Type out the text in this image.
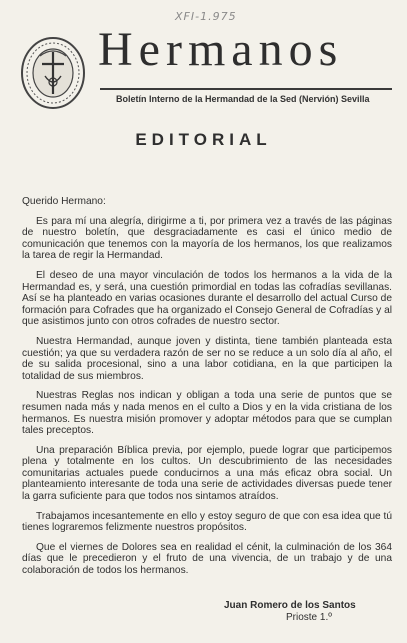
XFI-1.975
Hermanos
Boletín Interno de la Hermandad de la Sed (Nervión) Sevilla
EDITORIAL

Querido Hermano:

Es para mí una alegría, dirigirme a ti, por primera vez a través de las páginas de nuestro boletín, que desgraciadamente es casi el único medio de comunicación que tenemos con la mayoría de los hermanos, los que realizamos la tarea de regir la Hermandad.

El deseo de una mayor vinculación de todos los hermanos a la vida de la Hermandad es, y será, una cuestión primordial en todas las cofradías sevillanas. Así se ha planteado en varias ocasiones durante el desarrollo del actual Curso de formación para Cofrades que ha organizado el Consejo General de Cofradías y al que asistimos junto con otros cofrades de nuestro sector.

Nuestra Hermandad, aunque joven y distinta, tiene también planteada esta cuestión; ya que su verdadera razón de ser no se reduce a un solo día al año, el de su salida procesional, sino a una labor cotidiana, en la que participen la totalidad de sus miembros.

Nuestras Reglas nos indican y obligan a toda una serie de puntos que se resumen nada más y nada menos en el culto a Dios y en la vida cristiana de los hermanos. Es nuestra misión promover y adoptar métodos para que se cumplan tales preceptos.

Una preparación Bíblica previa, por ejemplo, puede lograr que participemos plena y totalmente en los cultos. Un descubrimiento de las necesidades comunitarias actuales puede conducirnos a una más eficaz obra social. Un planteamiento interesante de toda una serie de actividades diversas puede tener la garra suficiente para que todos nos sintamos atraídos.

Trabajamos incesantemente en ello y estoy seguro de que con esa idea que tú tienes lograremos felizmente nuestros propósitos.

Que el viernes de Dolores sea en realidad el cénit, la culminación de los 364 días que le precedieron y el fruto de una vivencia, de un trabajo y de una colaboración de todos los hermanos.

Juan Romero de los Santos
Prioste 1.º
